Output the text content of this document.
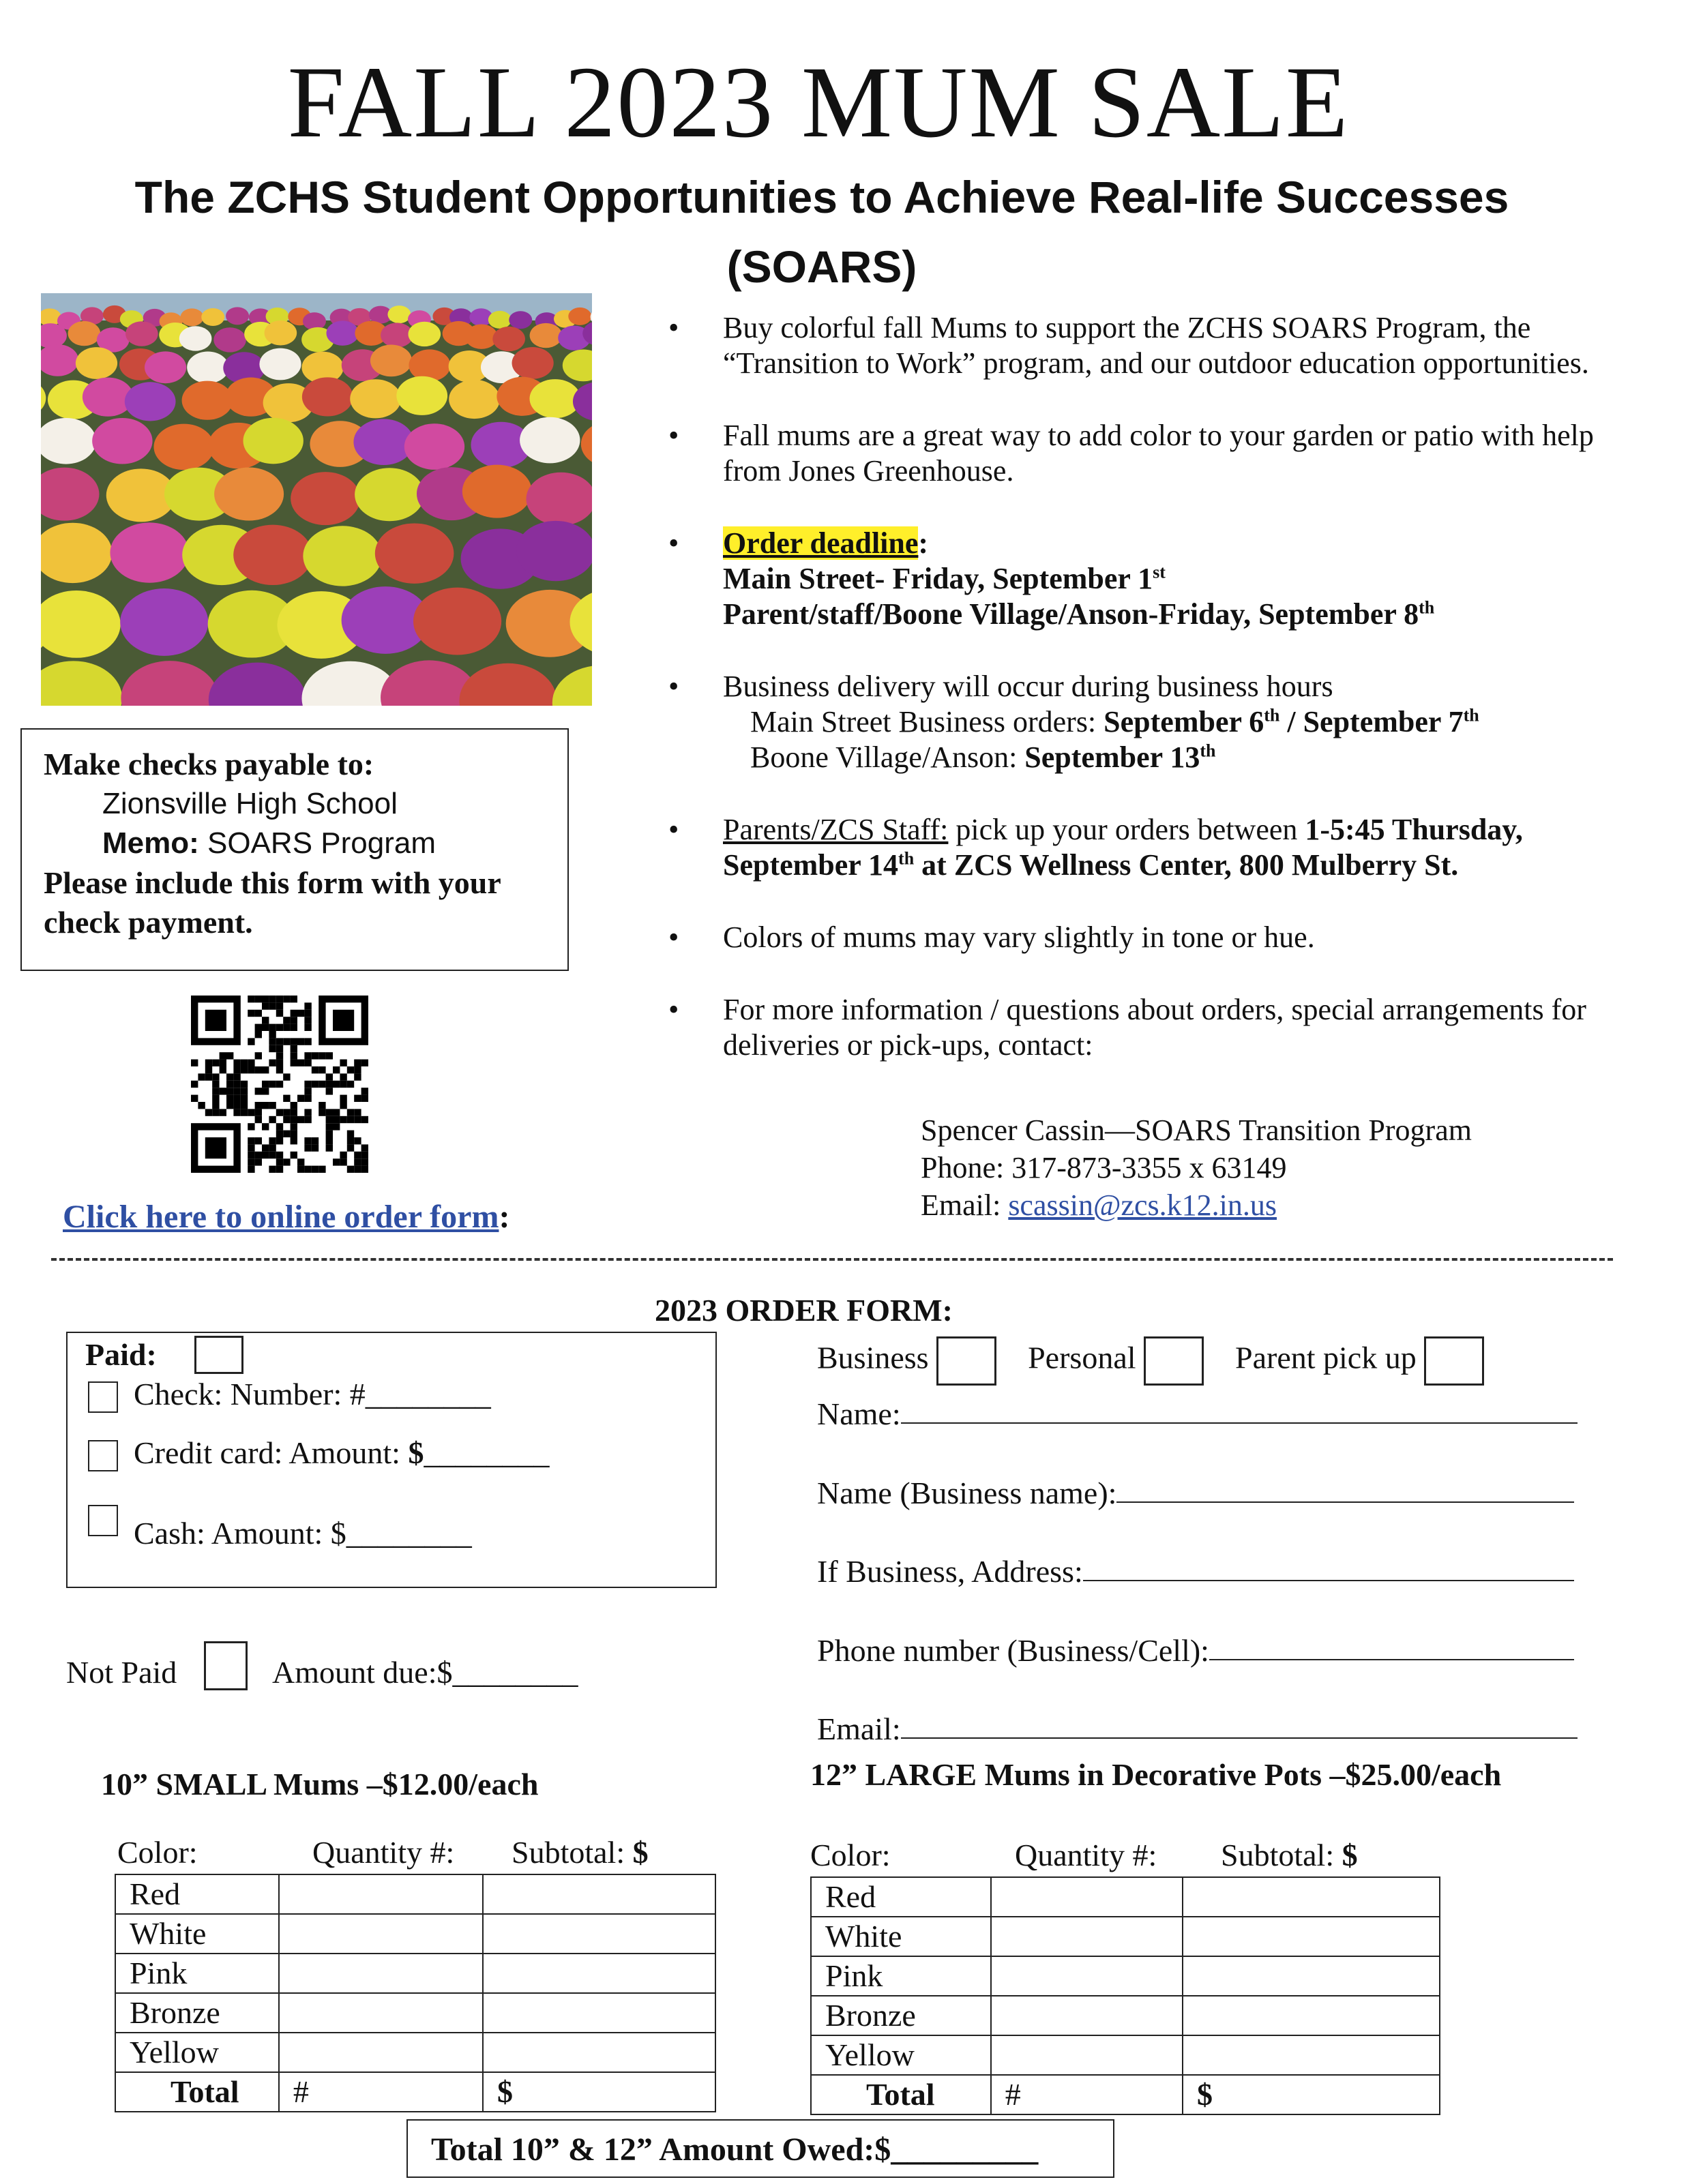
FALL 2023 MUM SALE
The ZCHS Student Opportunities to Achieve Real-life Successes
(SOARS)
•
Buy colorful fall Mums to support the ZCHS SOARS Program, the “Transition to Work” program, and our outdoor education opportunities.
•
Fall mums are a great way to add color to your garden or patio with help from Jones Greenhouse.
•
Order deadline:
Main Street- Friday, September 1st
Parent/staff/Boone Village/Anson-Friday, September 8th
•
Business delivery will occur during business hours
Main Street Business orders: September 6th / September 7th
Boone Village/Anson: September 13th
•
Parents/ZCS Staff: pick up your orders between 1-5:45 Thursday,
September 14th at ZCS Wellness Center, 800 Mulberry St.
•
Colors of mums may vary slightly in tone or hue.
•
For more information / questions about orders, special arrangements for deliveries or pick-ups, contact:
Make checks payable to:
Zionsville High School
Memo: SOARS Program
Please include this form with your check payment.
Click here to online order form:
Spencer Cassin—SOARS Transition Program
Phone: 317-873-3355 x 63149
Email: scassin@zcs.k12.in.us
2023 ORDER FORM:
Paid:
Check: Number: #________
Credit card: Amount: $________
Cash: Amount: $________
Not Paid	Amount due:$________
Business	Personal	Parent pick up
Name:
Name (Business name):
If Business, Address:
Phone number (Business/Cell):
Email:
10” SMALL Mums –$12.00/each
Color:	Quantity #: Subtotal: $
Red		
White		
Pink		
Bronze		
Yellow		
Total	#	$
12” LARGE Mums in Decorative Pots –$25.00/each
Color:	Quantity #: Subtotal: $
Red		
White		
Pink		
Bronze		
Yellow		
Total	#	$
Total 10” & 12” Amount Owed:$_________
